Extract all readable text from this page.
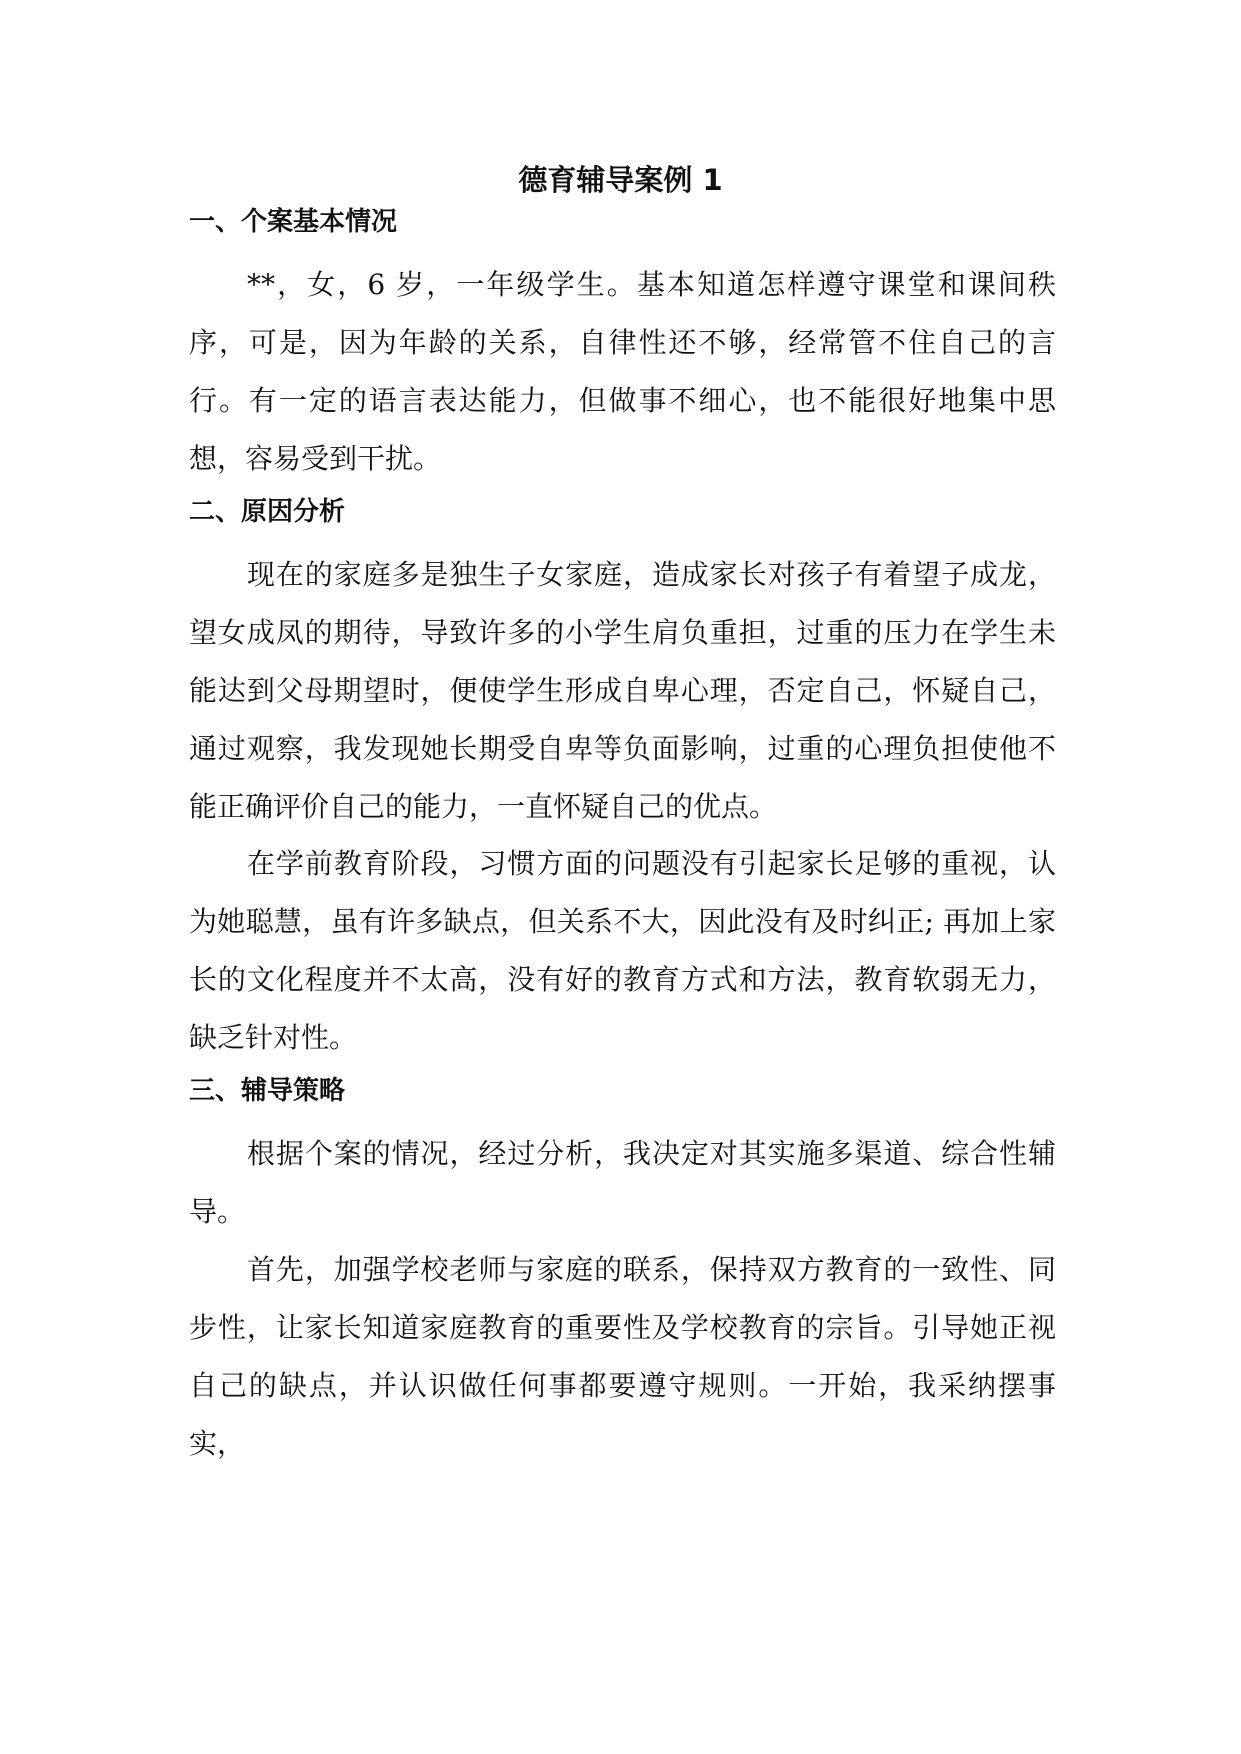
德育辅导案例 1
一、个案基本情况

**，女，6 岁，一年级学生。基本知道怎样遵守课堂和课间秩序，可是，因为年龄的关系，自律性还不够，经常管不住自己的言行。有一定的语言表达能力，但做事不细心，也不能很好地集中思想，容易受到干扰。

二、原因分析

现在的家庭多是独生子女家庭，造成家长对孩子有着望子成龙，望女成凤的期待，导致许多的小学生肩负重担，过重的压力在学生未能达到父母期望时，便使学生形成自卑心理，否定自己，怀疑自己，通过观察，我发现她长期受自卑等负面影响，过重的心理负担使他不能正确评价自己的能力，一直怀疑自己的优点。

在学前教育阶段，习惯方面的问题没有引起家长足够的重视，认为她聪慧，虽有许多缺点，但关系不大，因此没有及时纠正; 再加上家长的文化程度并不太高，没有好的教育方式和方法，教育软弱无力，缺乏针对性。

三、辅导策略

根据个案的情况，经过分析，我决定对其实施多渠道、综合性辅导。

首先，加强学校老师与家庭的联系，保持双方教育的一致性、同步性，让家长知道家庭教育的重要性及学校教育的宗旨。引导她正视自己的缺点，并认识做任何事都要遵守规则。一开始，我采纳摆事实，
